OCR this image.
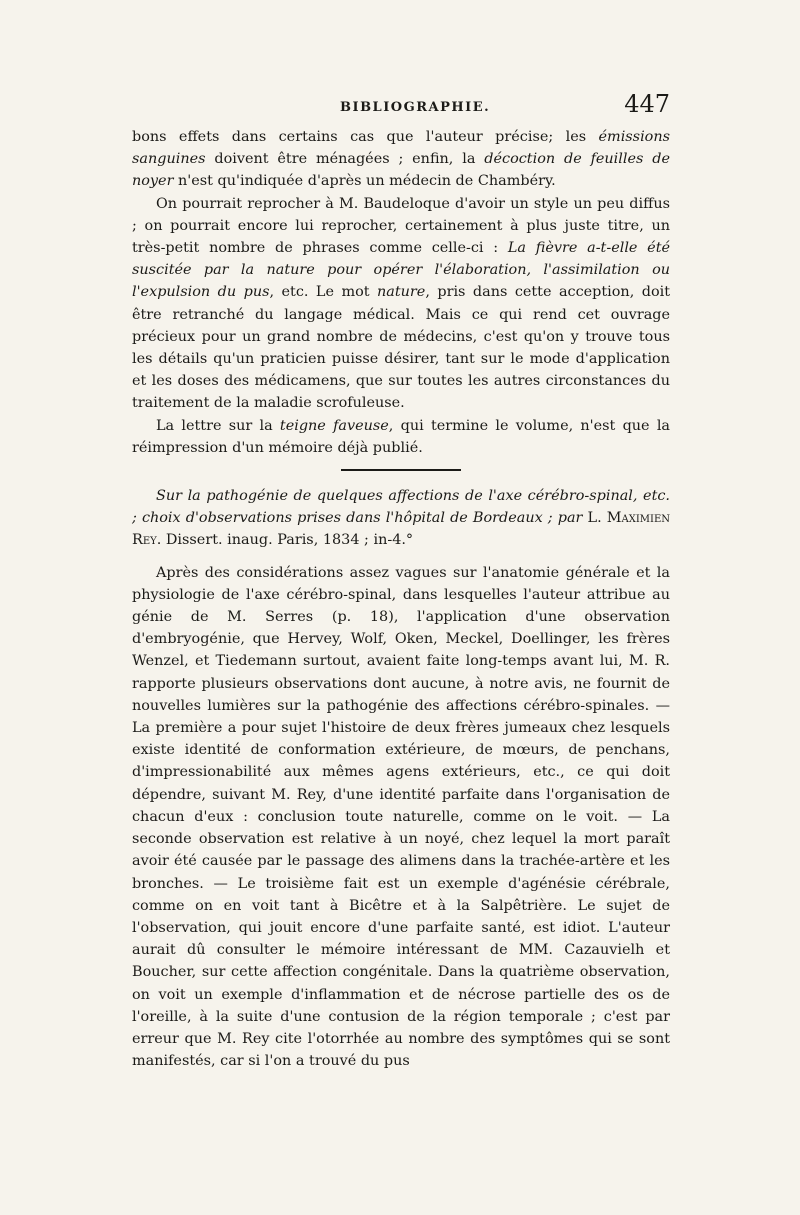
BIBLIOGRAPHIE.	447

bons effets dans certains cas que l'auteur précise; les émissions sanguines doivent être ménagées ; enfin, la décoction de feuilles de noyer n'est qu'indiquée d'après un médecin de Chambéry.

On pourrait reprocher à M. Baudeloque d'avoir un style un peu diffus ; on pourrait encore lui reprocher, certainement à plus juste titre, un très-petit nombre de phrases comme celle-ci : La fièvre a-t-elle été suscitée par la nature pour opérer l'élaboration, l'assimilation ou l'expulsion du pus, etc. Le mot nature, pris dans cette acception, doit être retranché du langage médical. Mais ce qui rend cet ouvrage précieux pour un grand nombre de médecins, c'est qu'on y trouve tous les détails qu'un praticien puisse désirer, tant sur le mode d'application et les doses des médicamens, que sur toutes les autres circonstances du traitement de la maladie scrofuleuse.

La lettre sur la teigne faveuse, qui termine le volume, n'est que la réimpression d'un mémoire déjà publié.

Sur la pathogénie de quelques affections de l'axe cérébro-spinal, etc. ; choix d'observations prises dans l'hôpital de Bordeaux ; par L. Maximien Rey. Dissert. inaug. Paris, 1834 ; in-4.°

Après des considérations assez vagues sur l'anatomie générale et la physiologie de l'axe cérébro-spinal, dans lesquelles l'auteur attribue au génie de M. Serres (p. 18), l'application d'une observation d'embryogénie, que Hervey, Wolf, Oken, Meckel, Doellinger, les frères Wenzel, et Tiedemann surtout, avaient faite long-temps avant lui, M. R. rapporte plusieurs observations dont aucune, à notre avis, ne fournit de nouvelles lumières sur la pathogénie des affections cérébro-spinales. — La première a pour sujet l'histoire de deux frères jumeaux chez lesquels existe identité de conformation extérieure, de mœurs, de penchans, d'impressionabilité aux mêmes agens extérieurs, etc., ce qui doit dépendre, suivant M. Rey, d'une identité parfaite dans l'organisation de chacun d'eux : conclusion toute naturelle, comme on le voit. — La seconde observation est relative à un noyé, chez lequel la mort paraît avoir été causée par le passage des alimens dans la trachée-artère et les bronches. — Le troisième fait est un exemple d'agénésie cérébrale, comme on en voit tant à Bicêtre et à la Salpêtrière. Le sujet de l'observation, qui jouit encore d'une parfaite santé, est idiot. L'auteur aurait dû consulter le mémoire intéressant de MM. Cazauvielh et Boucher, sur cette affection congénitale. Dans la quatrième observation, on voit un exemple d'inflammation et de nécrose partielle des os de l'oreille, à la suite d'une contusion de la région temporale ; c'est par erreur que M. Rey cite l'otorrhée au nombre des symptômes qui se sont manifestés, car si l'on a trouvé du pus
